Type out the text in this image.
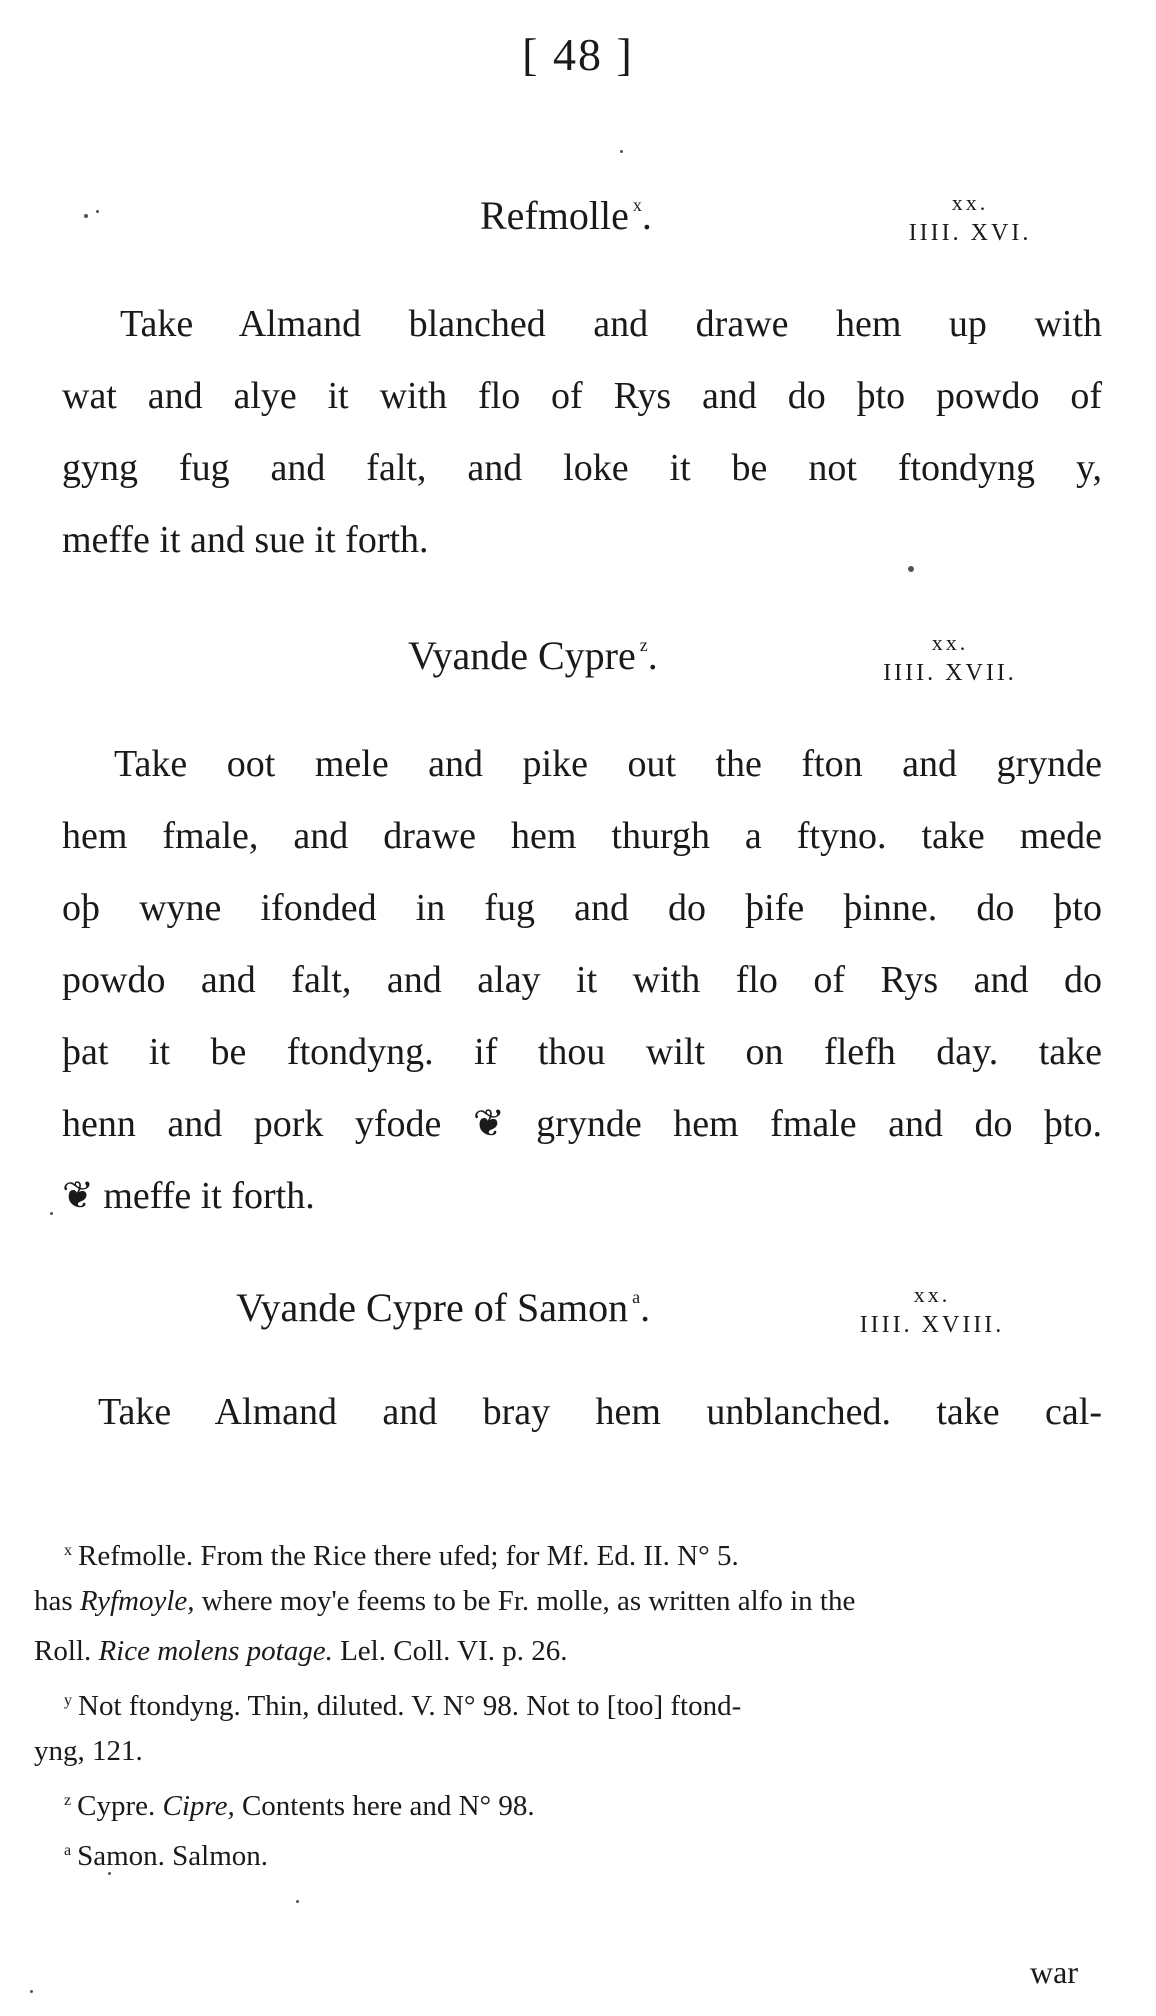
[ 48 ]
Refmolle $^x$.	xx.
IIII. XVI.
Take Almand blanched and drawe hem up with
wat and alye it with flo of Rys and do þto powdo of
gyng fug and falt, and loke it be not ftondyng y,
meffe it and sue it forth.
Vyande Cypre $^z$.	xx.
IIII. XVII.
Take oot mele and pike out the fton and grynde
hem fmale, and drawe hem thurgh a ftyno. take mede
oþ wyne ifonded in fug and do þife þinne. do þto
powdo and falt, and alay it with flo of Rys and do
þat it be ftondyng. if thou wilt on flefh day. take
henn and pork yfode ❦ grynde hem fmale and do þto.
❦ meffe it forth.
Vyande Cypre of Samon $^a$.	xx.
IIII. XVIII.
Take Almand and bray hem unblanched. take cal-
$^x$ Refmolle. From the Rice there ufed; for Mf. Ed. II. N° 5.
has Ryfmoyle, where moy'e feems to be Fr. molle, as written alfo in the
Roll. Rice molens potage. Lel. Coll. VI. p. 26.
$^y$ Not ftondyng. Thin, diluted. V. N° 98. Not to [too] ftond-
yng, 121.
$^z$ Cypre. Cipre, Contents here and N° 98.
$^a$ Samon. Salmon.
war
